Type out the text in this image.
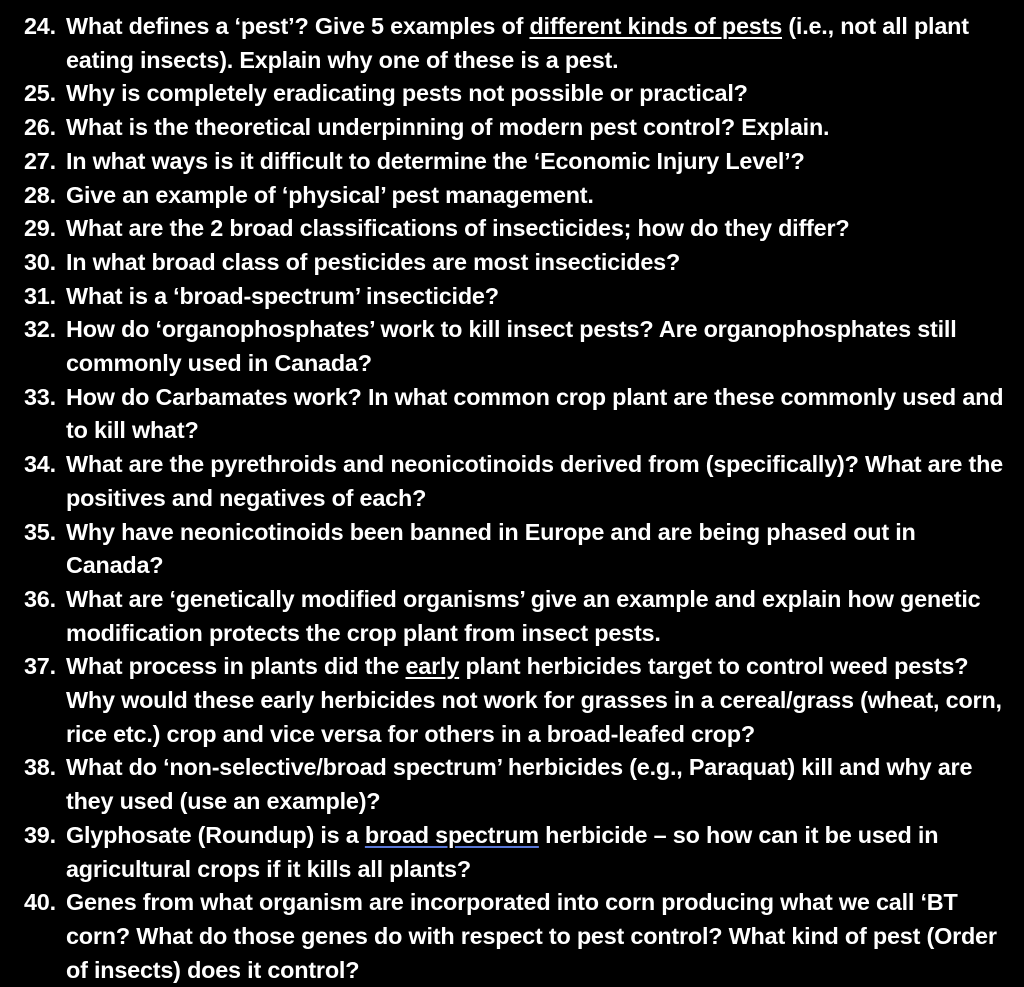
24. What defines a ‘pest’? Give 5 examples of different kinds of pests (i.e., not all plant eating insects). Explain why one of these is a pest.
25. Why is completely eradicating pests not possible or practical?
26. What is the theoretical underpinning of modern pest control? Explain.
27. In what ways is it difficult to determine the ‘Economic Injury Level’?
28. Give an example of ‘physical’ pest management.
29. What are the 2 broad classifications of insecticides; how do they differ?
30. In what broad class of pesticides are most insecticides?
31. What is a ‘broad-spectrum’ insecticide?
32. How do ‘organophosphates’ work to kill insect pests? Are organophosphates still commonly used in Canada?
33. How do Carbamates work? In what common crop plant are these commonly used and to kill what?
34. What are the pyrethroids and neonicotinoids derived from (specifically)? What are the positives and negatives of each?
35. Why have neonicotinoids been banned in Europe and are being phased out in Canada?
36. What are ‘genetically modified organisms’ give an example and explain how genetic modification protects the crop plant from insect pests.
37. What process in plants did the early plant herbicides target to control weed pests? Why would these early herbicides not work for grasses in a cereal/grass (wheat, corn, rice etc.) crop and vice versa for others in a broad-leafed crop?
38. What do ‘non-selective/broad spectrum’ herbicides (e.g., Paraquat) kill and why are they used (use an example)?
39. Glyphosate (Roundup) is a broad spectrum herbicide – so how can it be used in agricultural crops if it kills all plants?
40. Genes from what organism are incorporated into corn producing what we call ‘BT corn? What do those genes do with respect to pest control? What kind of pest (Order of insects) does it control?
